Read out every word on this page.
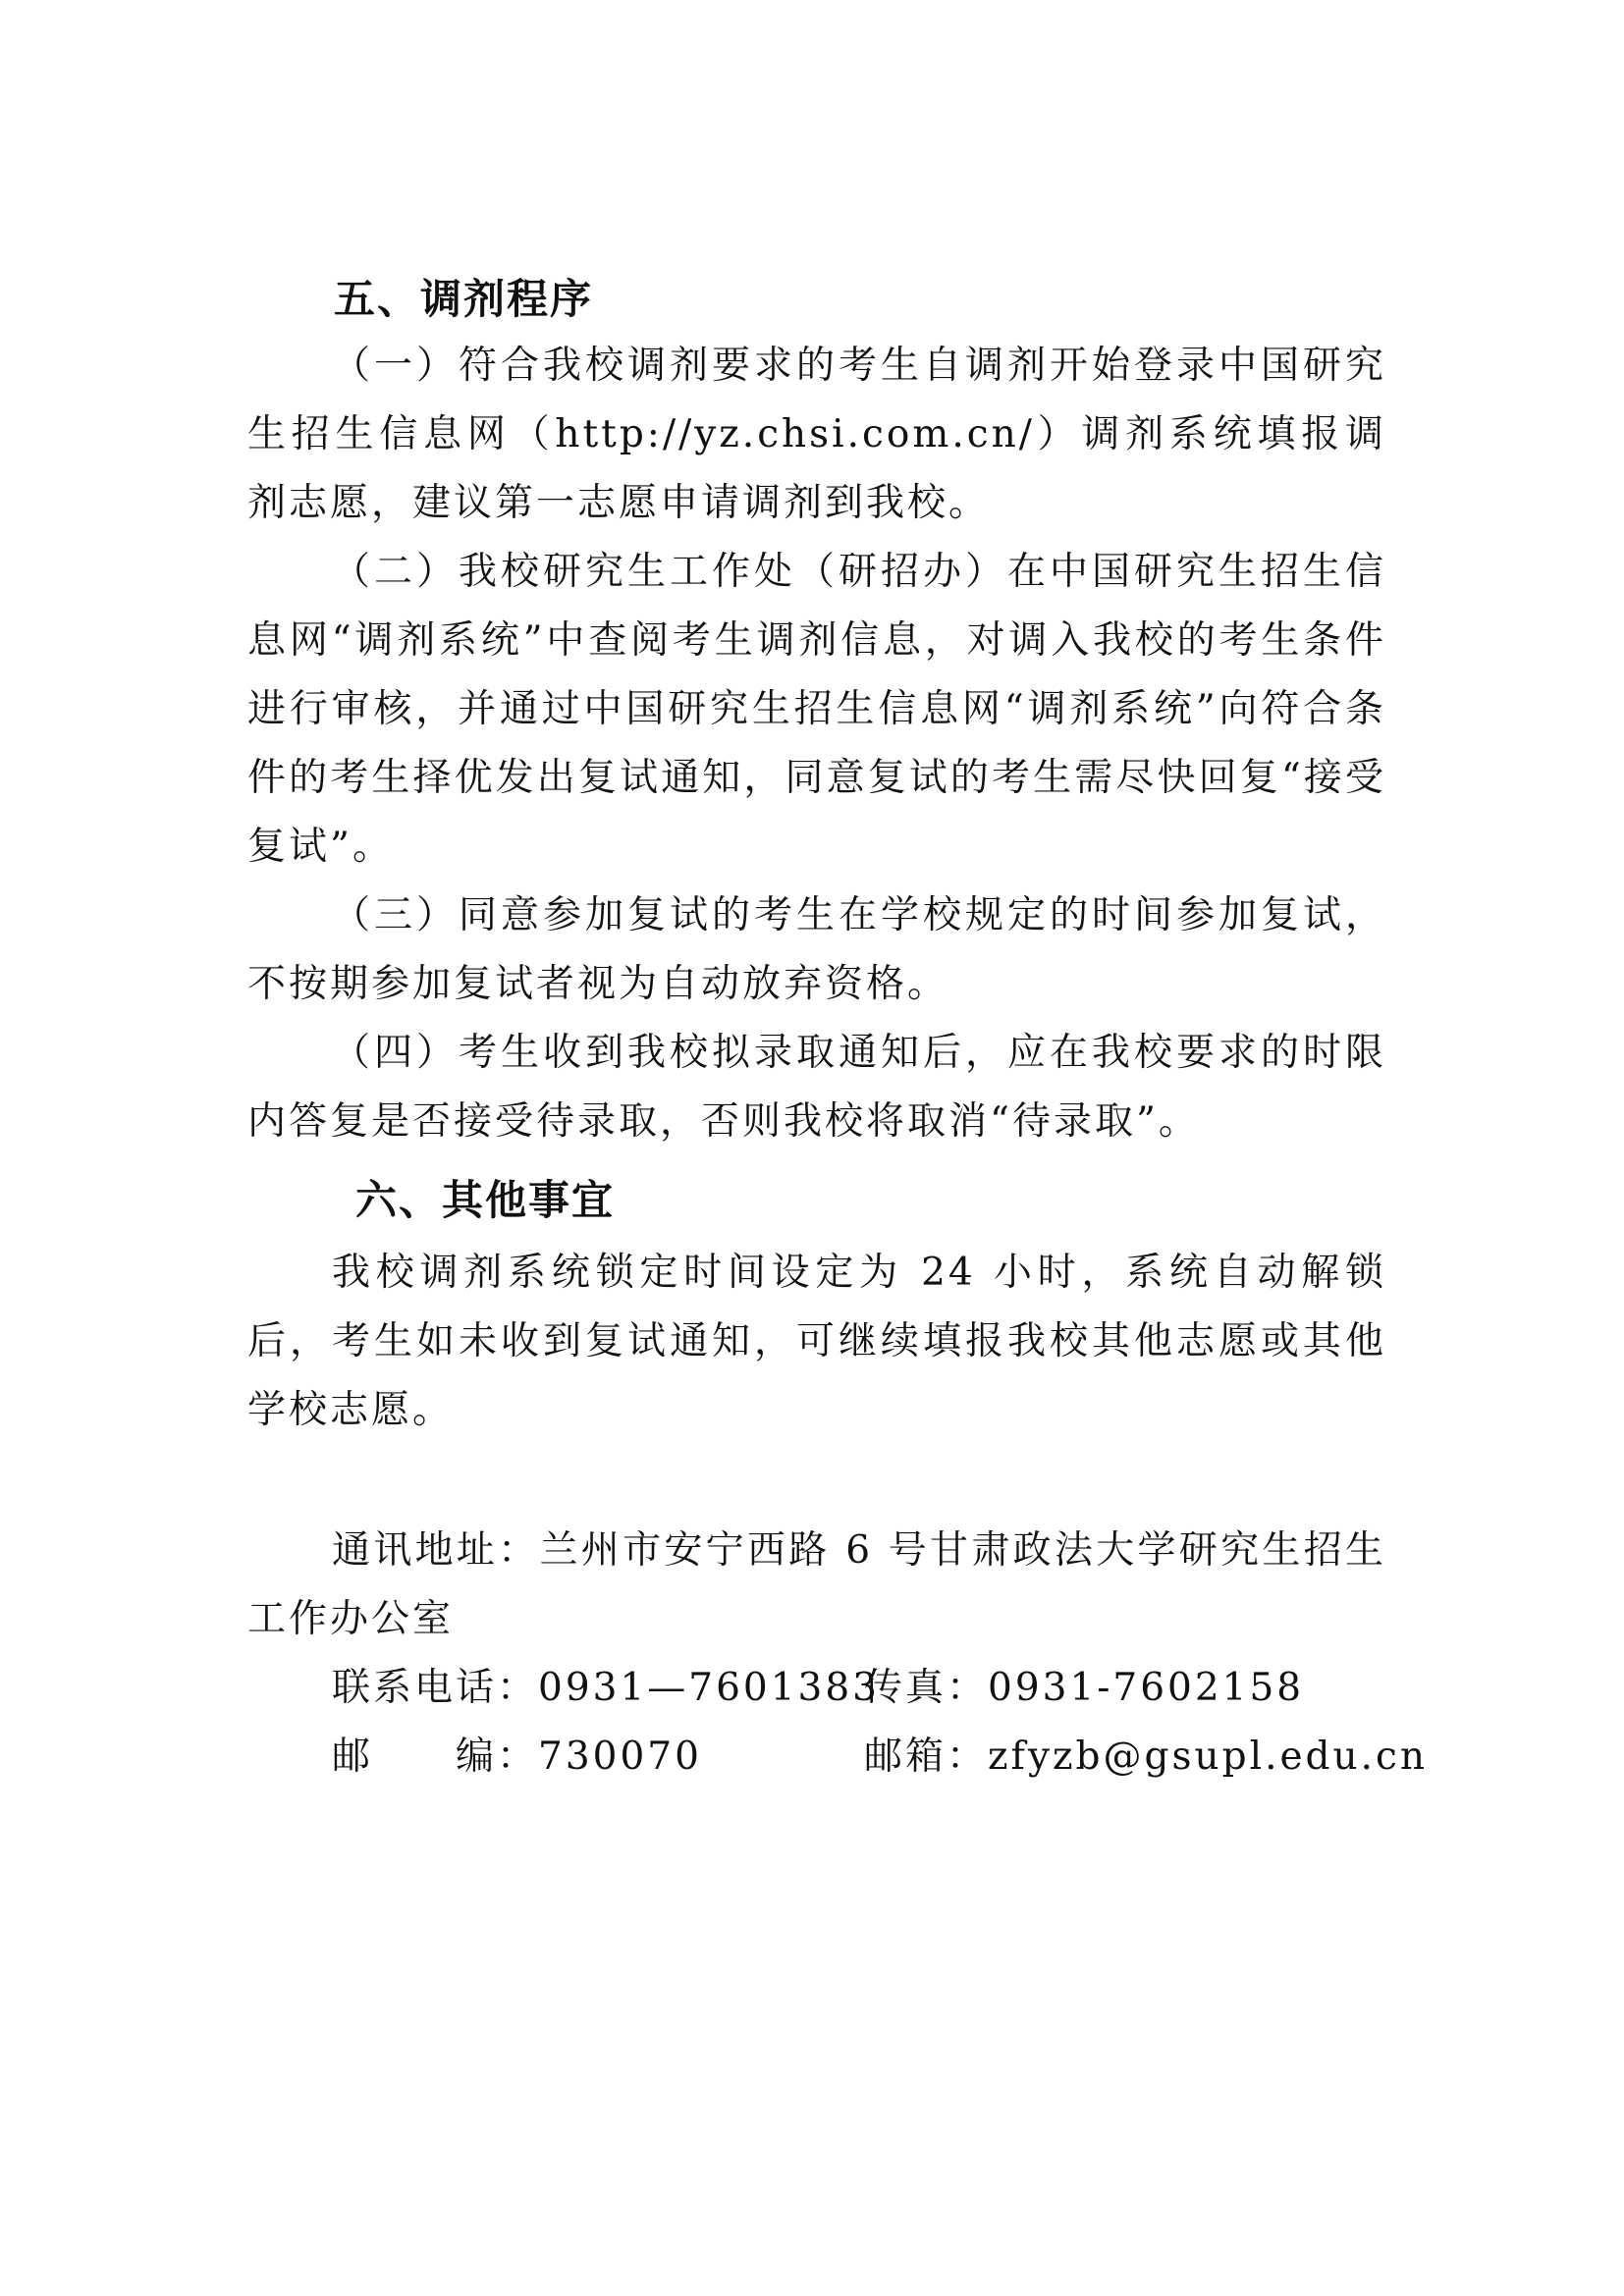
五、调剂程序
（一）符合我校调剂要求的考生自调剂开始登录中国研究生招生信息网（http://yz.chsi.com.cn/）调剂系统填报调剂志愿，建议第一志愿申请调剂到我校。
（二）我校研究生工作处（研招办）在中国研究生招生信息网“调剂系统”中查阅考生调剂信息，对调入我校的考生条件进行审核，并通过中国研究生招生信息网“调剂系统”向符合条件的考生择优发出复试通知，同意复试的考生需尽快回复“接受复试”。
（三）同意参加复试的考生在学校规定的时间参加复试，不按期参加复试者视为自动放弃资格。
（四）考生收到我校拟录取通知后，应在我校要求的时限内答复是否接受待录取，否则我校将取消“待录取”。
六、其他事宜
我校调剂系统锁定时间设定为 24 小时，系统自动解锁后，考生如未收到复试通知，可继续填报我校其他志愿或其他学校志愿。
通讯地址：兰州市安宁西路 6 号甘肃政法大学研究生招生工作办公室
联系电话：0931—7601383
传真：0931-7602158
邮　　编：730070	邮箱：zfyzb@gsupl.edu.cn
